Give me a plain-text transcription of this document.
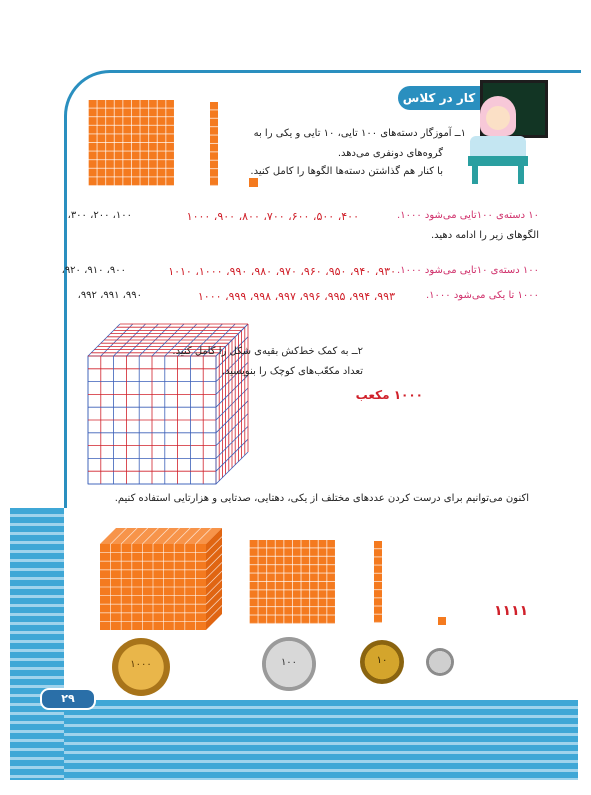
کار در کلاس
۱ــ آموزگار دسته‌های ۱۰۰ تایی، ۱۰ تایی و یکی را به
گروه‌های دونفری می‌دهد.
با کنار هم گذاشتن دسته‌ها الگوها را کامل کنید.
۱۰ دسته‌ی ۱۰۰تایی می‌شود ۱۰۰۰.
۴۰۰، ۵۰۰، ۶۰۰، ۷۰۰، ۸۰۰، ۹۰۰، ۱۰۰۰
۱۰۰، ۲۰۰، ۳۰۰،
الگوهای زیر را ادامه دهید.
۱۰۰ دسته‌ی ۱۰تایی می‌شود ۱۰۰۰.
۹۳۰، ۹۴۰، ۹۵۰، ۹۶۰، ۹۷۰، ۹۸۰، ۹۹۰، ۱۰۰۰، ۱۰۱۰
۹۰۰، ۹۱۰، ۹۲۰،
۱۰۰۰ تا یکی می‌شود ۱۰۰۰.
۹۹۳، ۹۹۴، ۹۹۵، ۹۹۶، ۹۹۷، ۹۹۸، ۹۹۹، ۱۰۰۰
۹۹۰، ۹۹۱، ۹۹۲،
۲ــ به کمک خط‌کش بقیه‌ی شکل را کامل کنید.
تعداد مکعّب‌های کوچک را بنویسید.
۱۰۰۰ مکعب
اکنون می‌توانیم برای درست کردن عددهای مختلف از یکی، دهتایی، صدتایی و هزارتایی استفاده کنیم.
۱۱۱۱
۱۰۰۰	۱۰۰	۱۰
۲۹
